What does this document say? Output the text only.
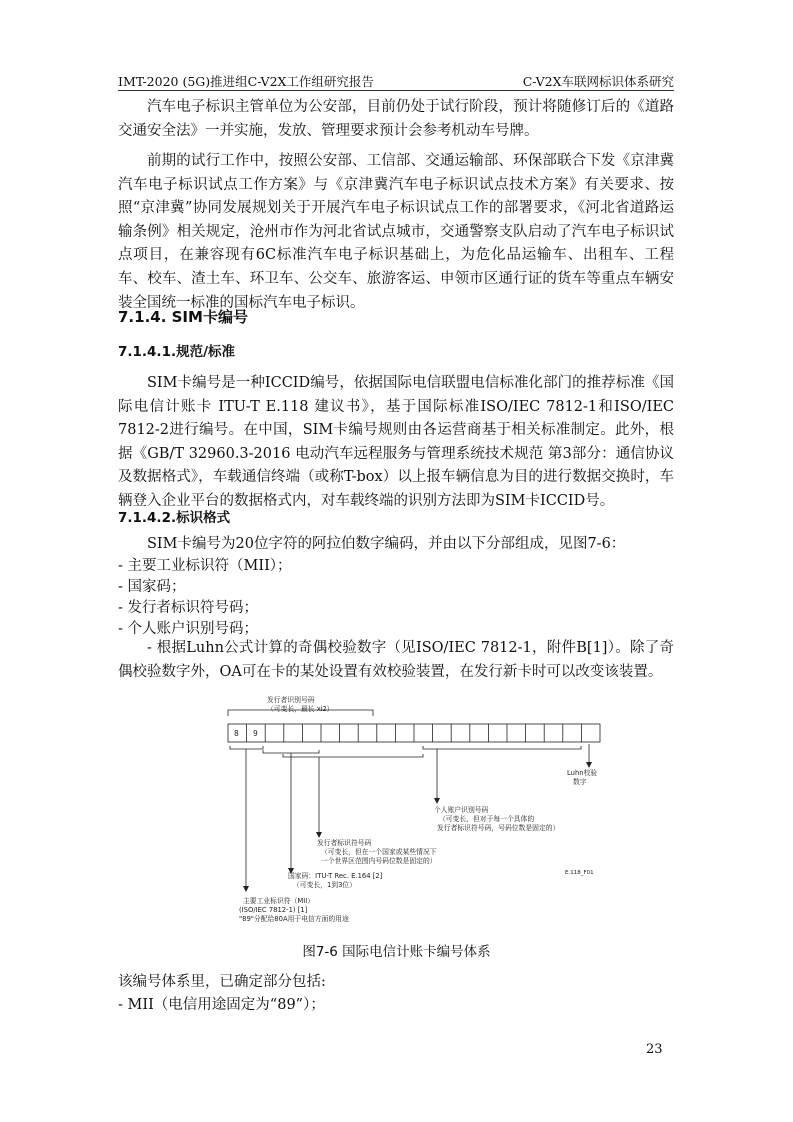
IMT-2020 (5G)推进组C-V2X工作组研究报告	C-V2X车联网标识体系研究

汽车电子标识主管单位为公安部，目前仍处于试行阶段，预计将随修订后的《道路交通安全法》一并实施，发放、管理要求预计会参考机动车号牌。

前期的试行工作中，按照公安部、工信部、交通运输部、环保部联合下发《京津冀汽车电子标识试点工作方案》与《京津冀汽车电子标识试点技术方案》有关要求、按照“京津冀”协同发展规划关于开展汽车电子标识试点工作的部署要求，《河北省道路运输条例》相关规定，沧州市作为河北省试点城市，交通警察支队启动了汽车电子标识试点项目，在兼容现有6C标准汽车电子标识基础上，为危化品运输车、出租车、工程车、校车、渣土车、环卫车、公交车、旅游客运、申领市区通行证的货车等重点车辆安装全国统一标准的国标汽车电子标识。

7.1.4. SIM卡编号
7.1.4.1.规范/标准

SIM卡编号是一种ICCID编号，依据国际电信联盟电信标准化部门的推荐标准《国际电信计账卡 ITU-T E.118 建议书》，基于国际标准ISO/IEC 7812-1和ISO/IEC 7812-2进行编号。在中国，SIM卡编号规则由各运营商基于相关标准制定。此外，根据《GB/T 32960.3-2016 电动汽车远程服务与管理系统技术规范 第3部分：通信协议及数据格式》，车载通信终端（或称T-box）以上报车辆信息为目的进行数据交换时，车辆登入企业平台的数据格式内，对车载终端的识别方法即为SIM卡ICCID号。

7.1.4.2.标识格式

SIM卡编号为20位字符的阿拉伯数字编码，并由以下分部组成，见图7-6：

- 主要工业标识符（MII）；
- 国家码；
- 发行者标识符号码；
- 个人账户识别号码；

- 根据Luhn公式计算的奇偶校验数字（见ISO/IEC 7812-1，附件B[1]）。除了奇偶校验数字外，OA可在卡的某处设置有效校验装置，在发行新卡时可以改变该装置。

发行者识别号码
（可变长，最长 ⅺ2）
8 9
Luhn校验
数字
个人账户识别号码
（可变长，但对于每一个具体的
发行者标识符号码，号码位数是固定的）
发行者标识符号码
（可变长，但在一个国家或某些情况下
一个世界区范围内号码位数是固定的）
E.118_F01
国家码：ITU-T Rec. E.164 [2]
（可变长，1到3位）
主要工业标识符（MII）
(ISO/IEC 7812-1) [1]
"89"分配给80A用于电信方面的用途
图7-6 国际电信计账卡编号体系
该编号体系里，已确定部分包括:
- MII（电信用途固定为“89”）；
23
